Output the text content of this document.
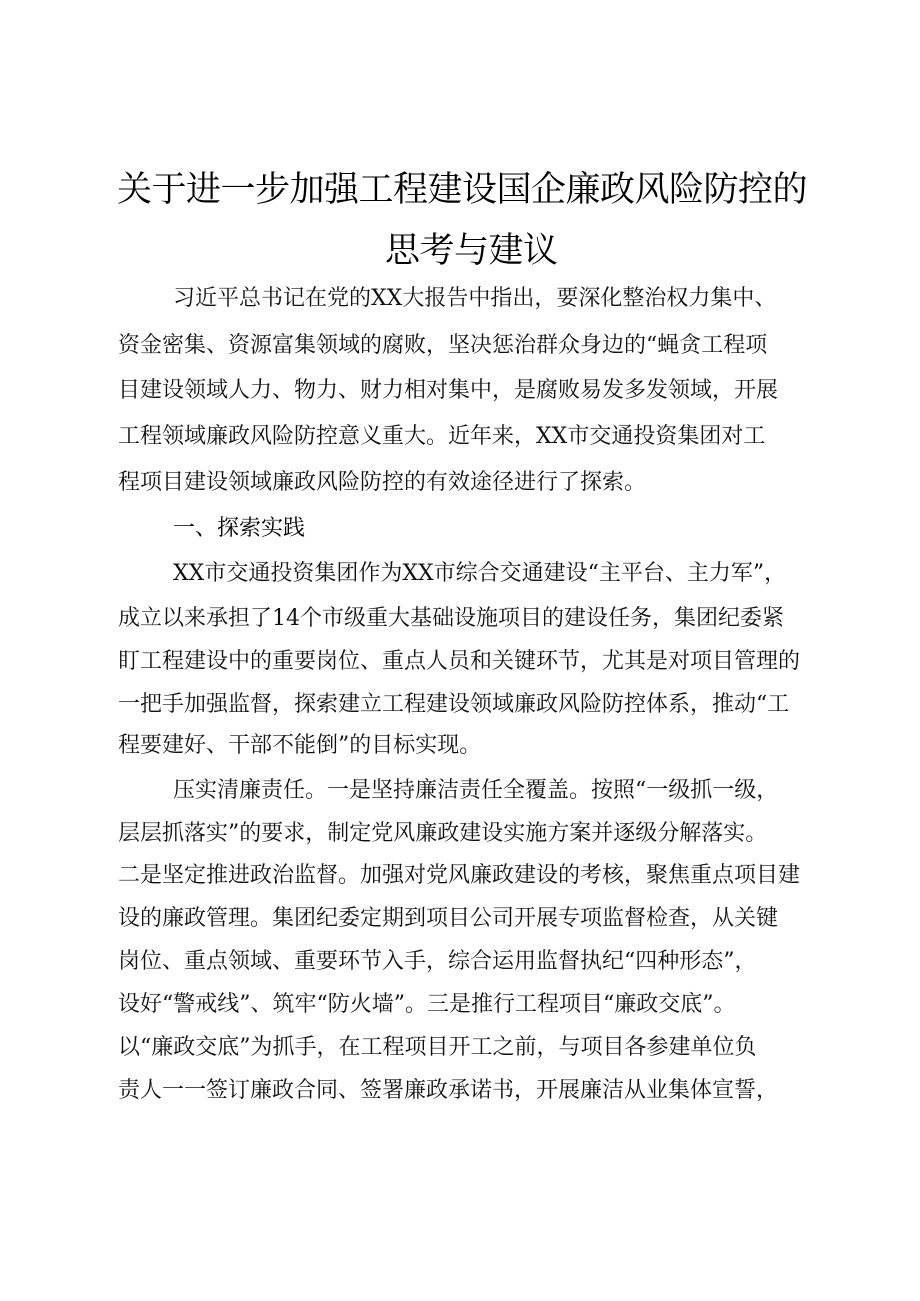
关于进一步加强工程建设国企廉政风险防控的
思考与建议
习近平总书记在党的XX大报告中指出，要深化整治权力集中、
资金密集、资源富集领域的腐败，坚决惩治群众身边的“蝇贪工程项
目建设领域人力、物力、财力相对集中，是腐败易发多发领域，开展
工程领域廉政风险防控意义重大。近年来，XX市交通投资集团对工
程项目建设领域廉政风险防控的有效途径进行了探索。
一、探索实践
XX市交通投资集团作为XX市综合交通建设“主平台、主力军”，
成立以来承担了14个市级重大基础设施项目的建设任务，集团纪委紧
盯工程建设中的重要岗位、重点人员和关键环节，尤其是对项目管理的
一把手加强监督，探索建立工程建设领域廉政风险防控体系，推动“工
程要建好、干部不能倒”的目标实现。
压实清廉责任。一是坚持廉洁责任全覆盖。按照“一级抓一级，
层层抓落实”的要求，制定党风廉政建设实施方案并逐级分解落实。
二是坚定推进政治监督。加强对党风廉政建设的考核，聚焦重点项目建
设的廉政管理。集团纪委定期到项目公司开展专项监督检查，从关键
岗位、重点领域、重要环节入手，综合运用监督执纪“四种形态”，
设好“警戒线”、筑牢“防火墙”。三是推行工程项目“廉政交底”。
以“廉政交底”为抓手，在工程项目开工之前，与项目各参建单位负
责人一一签订廉政合同、签署廉政承诺书，开展廉洁从业集体宣誓，
